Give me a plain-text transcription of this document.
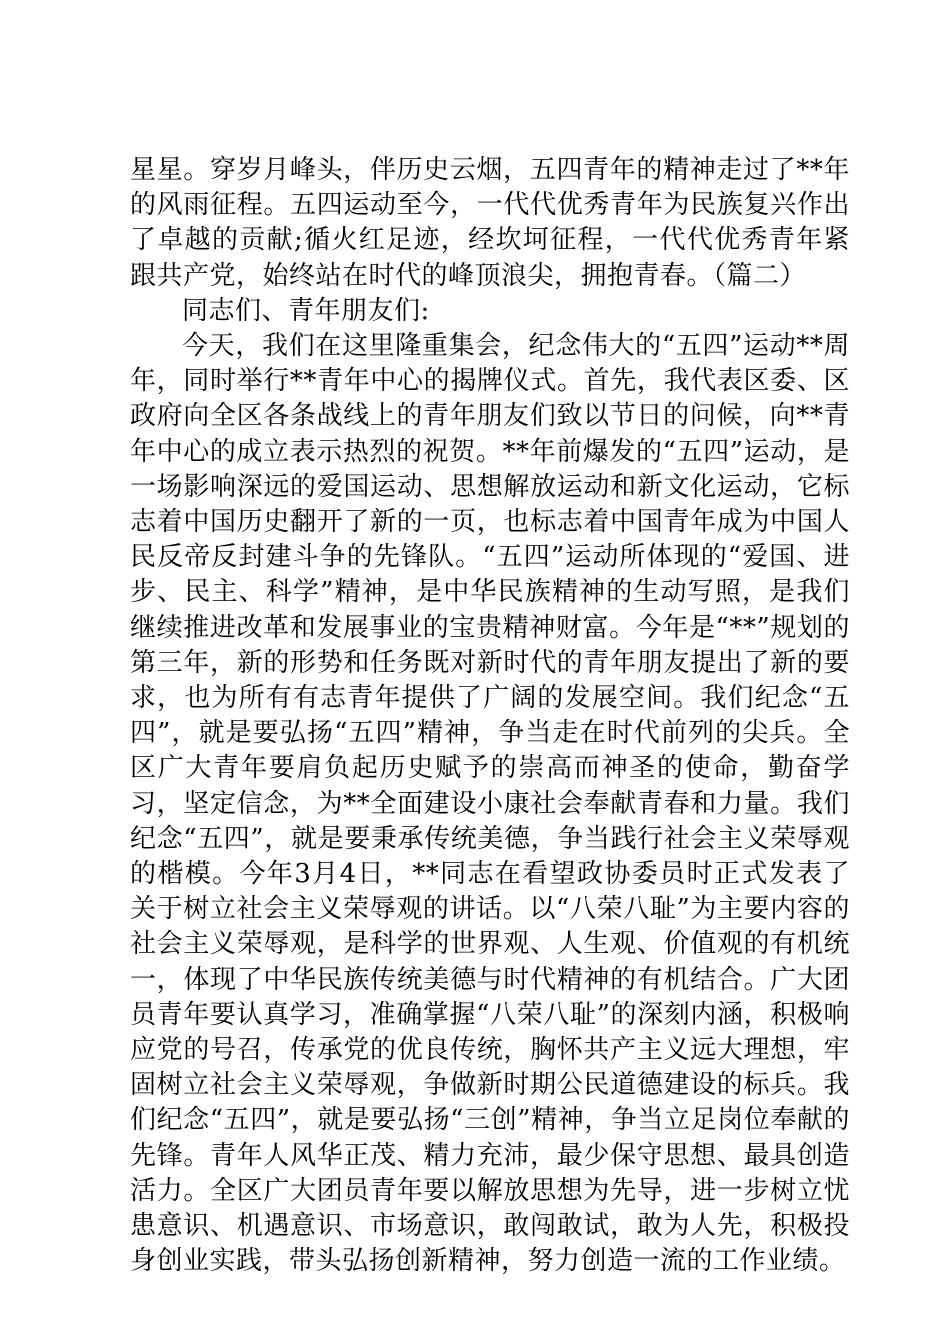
星星。穿岁月峰头，伴历史云烟，五四青年的精神走过了**年的风雨征程。五四运动至今，一代代优秀青年为民族复兴作出了卓越的贡献;循火红足迹，经坎坷征程，一代代优秀青年紧跟共产党，始终站在时代的峰顶浪尖，拥抱青春。（篇二）

同志们、青年朋友们:

今天，我们在这里隆重集会，纪念伟大的“五四”运动**周年，同时举行**青年中心的揭牌仪式。首先，我代表区委、区政府向全区各条战线上的青年朋友们致以节日的问候，向**青年中心的成立表示热烈的祝贺。**年前爆发的“五四”运动，是一场影响深远的爱国运动、思想解放运动和新文化运动，它标志着中国历史翻开了新的一页，也标志着中国青年成为中国人民反帝反封建斗争的先锋队。“五四”运动所体现的“爱国、进步、民主、科学”精神，是中华民族精神的生动写照，是我们继续推进改革和发展事业的宝贵精神财富。今年是“**”规划的第三年，新的形势和任务既对新时代的青年朋友提出了新的要求，也为所有有志青年提供了广阔的发展空间。我们纪念“五四”，就是要弘扬“五四”精神，争当走在时代前列的尖兵。全区广大青年要肩负起历史赋予的崇高而神圣的使命，勤奋学习，坚定信念，为**全面建设小康社会奉献青春和力量。我们纪念“五四”，就是要秉承传统美德，争当践行社会主义荣辱观的楷模。今年3月4日，**同志在看望政协委员时正式发表了关于树立社会主义荣辱观的讲话。以“八荣八耻”为主要内容的社会主义荣辱观，是科学的世界观、人生观、价值观的有机统一，体现了中华民族传统美德与时代精神的有机结合。广大团员青年要认真学习，准确掌握“八荣八耻”的深刻内涵，积极响应党的号召，传承党的优良传统，胸怀共产主义远大理想，牢固树立社会主义荣辱观，争做新时期公民道德建设的标兵。我们纪念“五四”，就是要弘扬“三创”精神，争当立足岗位奉献的先锋。青年人风华正茂、精力充沛，最少保守思想、最具创造活力。全区广大团员青年要以解放思想为先导，进一步树立忧患意识、机遇意识、市场意识，敢闯敢试，敢为人先，积极投身创业实践，带头弘扬创新精神，努力创造一流的工作业绩。
